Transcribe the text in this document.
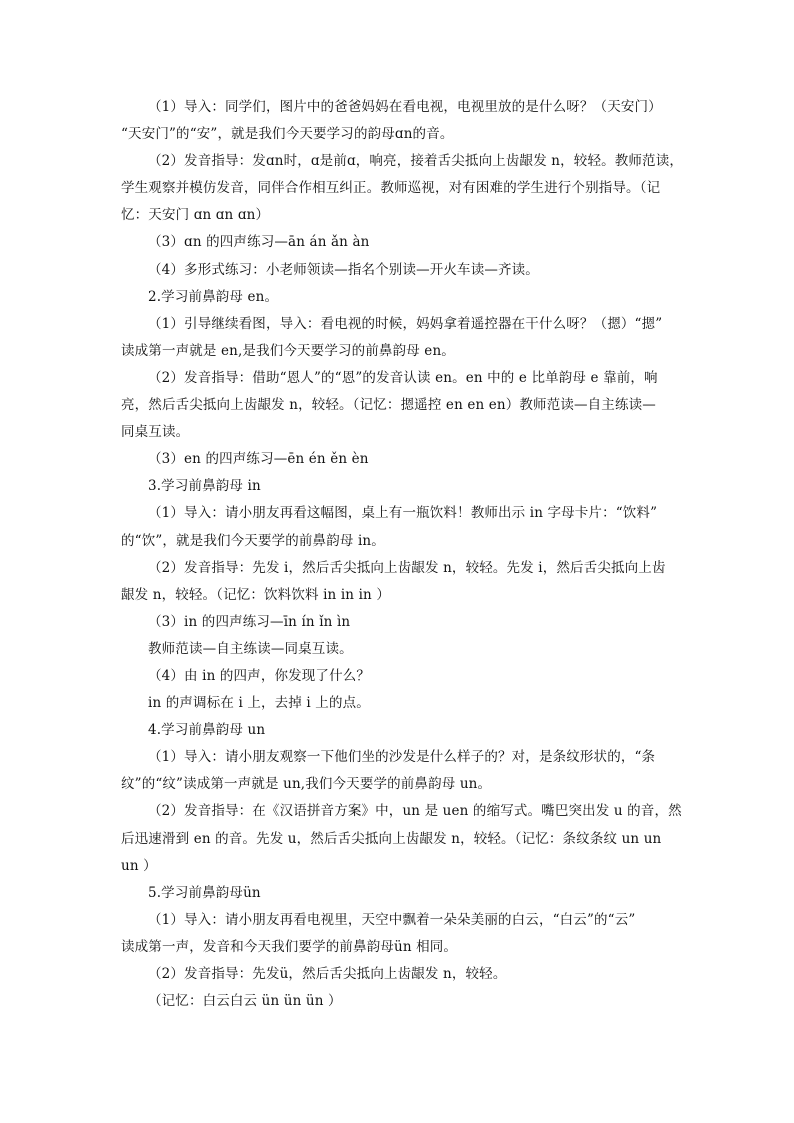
（1）导入：同学们，图片中的爸爸妈妈在看电视，电视里放的是什么呀？（天安门）

“天安门”的“安”，就是我们今天要学习的韵母ɑn的音。

（2）发音指导：发ɑn时，ɑ是前ɑ，响亮，接着舌尖抵向上齿龈发 n，较轻。教师范读，

学生观察并模仿发音，同伴合作相互纠正。教师巡视，对有困难的学生进行个别指导。（记

忆：天安门 ɑn ɑn ɑn）

（3）ɑn 的四声练习—ān án ǎn àn

（4）多形式练习：小老师领读—指名个别读—开火车读—齐读。

2.学习前鼻韵母 en。

（1）引导继续看图，导入：看电视的时候，妈妈拿着遥控器在干什么呀？（摁）“摁”

读成第一声就是 en,是我们今天要学习的前鼻韵母 en。

（2）发音指导：借助“恩人”的“恩”的发音认读 en。en 中的 e 比单韵母 e 靠前，响

亮，然后舌尖抵向上齿龈发 n，较轻。（记忆：摁遥控 en en en）教师范读—自主练读—

同桌互读。

（3）en 的四声练习—ēn én ěn èn

3.学习前鼻韵母 in

（1）导入：请小朋友再看这幅图，桌上有一瓶饮料！教师出示 in 字母卡片：“饮料”

的“饮”，就是我们今天要学的前鼻韵母 in。

（2）发音指导：先发 i，然后舌尖抵向上齿龈发 n，较轻。先发 i，然后舌尖抵向上齿

龈发 n，较轻。（记忆：饮料饮料 in in in ）

（3）in 的四声练习—īn ín ǐn ìn

教师范读—自主练读—同桌互读。

（4）由 in 的四声，你发现了什么？

in 的声调标在 i 上，去掉 i 上的点。

4.学习前鼻韵母 un

（1）导入：请小朋友观察一下他们坐的沙发是什么样子的？对，是条纹形状的，“条

纹”的“纹”读成第一声就是 un,我们今天要学的前鼻韵母 un。

（2）发音指导：在《汉语拼音方案》中，un 是 uen 的缩写式。嘴巴突出发 u 的音，然

后迅速滑到 en 的音。先发 u，然后舌尖抵向上齿龈发 n，较轻。（记忆：条纹条纹 un un

un ）

5.学习前鼻韵母ün

（1）导入：请小朋友再看电视里，天空中飘着一朵朵美丽的白云，“白云”的“云”

读成第一声，发音和今天我们要学的前鼻韵母ün 相同。

（2）发音指导：先发ü，然后舌尖抵向上齿龈发 n，较轻。

（记忆：白云白云 ün ün ün ）
